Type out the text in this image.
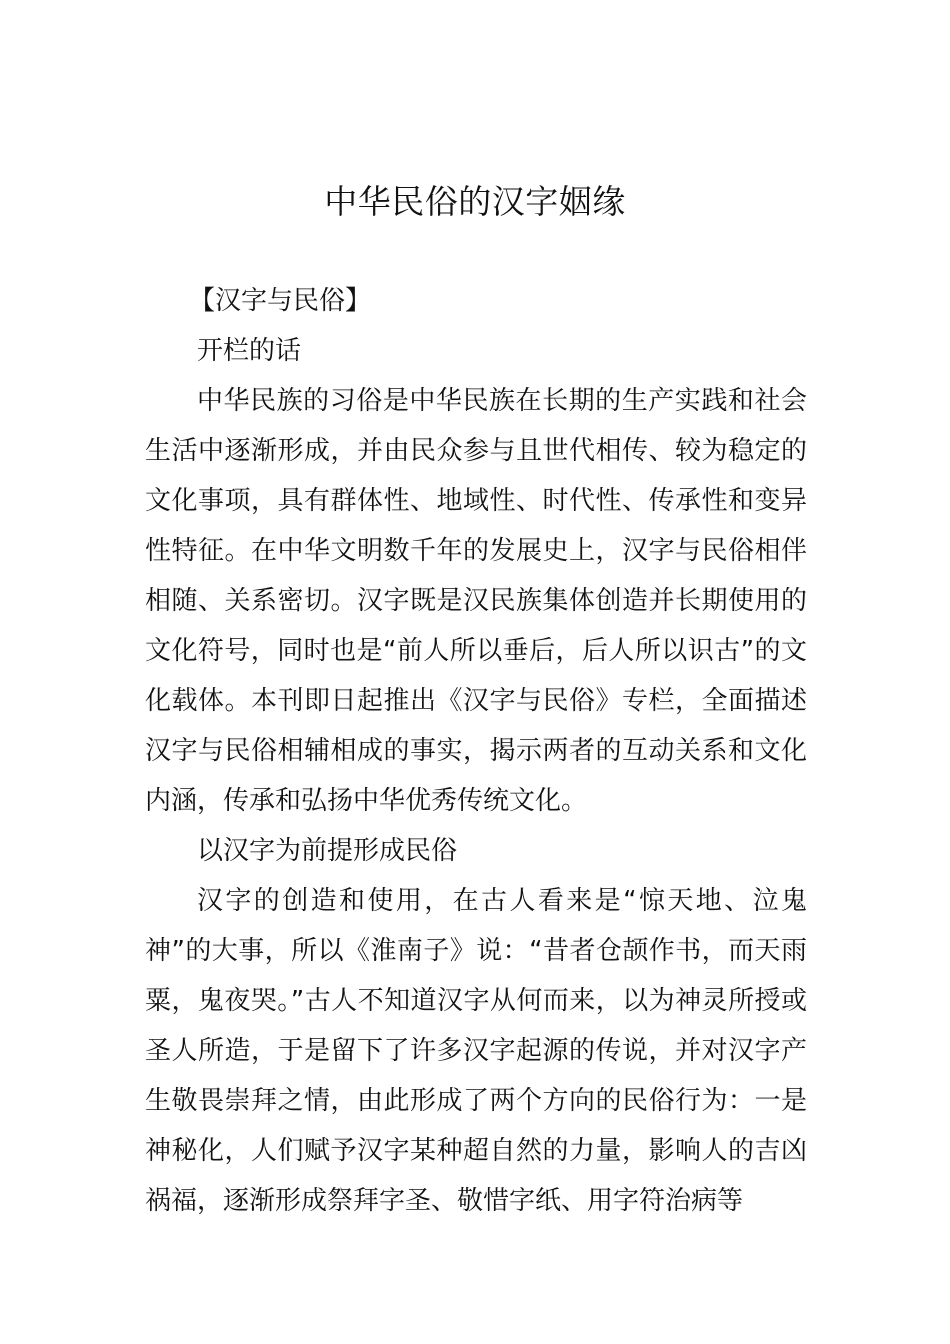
中华民俗的汉字姻缘

【汉字与民俗】

开栏的话

中华民族的习俗是中华民族在长期的生产实践和社会生活中逐渐形成，并由民众参与且世代相传、较为稳定的文化事项，具有群体性、地域性、时代性、传承性和变异性特征。在中华文明数千年的发展史上，汉字与民俗相伴相随、关系密切。汉字既是汉民族集体创造并长期使用的文化符号，同时也是“前人所以垂后，后人所以识古”的文化载体。本刊即日起推出《汉字与民俗》专栏，全面描述汉字与民俗相辅相成的事实，揭示两者的互动关系和文化内涵，传承和弘扬中华优秀传统文化。

以汉字为前提形成民俗

汉字的创造和使用，在古人看来是“惊天地、泣鬼神”的大事，所以《淮南子》说：“昔者仓颉作书，而天雨粟，鬼夜哭。”古人不知道汉字从何而来，以为神灵所授或圣人所造，于是留下了许多汉字起源的传说，并对汉字产生敬畏崇拜之情，由此形成了两个方向的民俗行为：一是神秘化，人们赋予汉字某种超自然的力量，影响人的吉凶祸福，逐渐形成祭拜字圣、敬惜字纸、用字符治病等
